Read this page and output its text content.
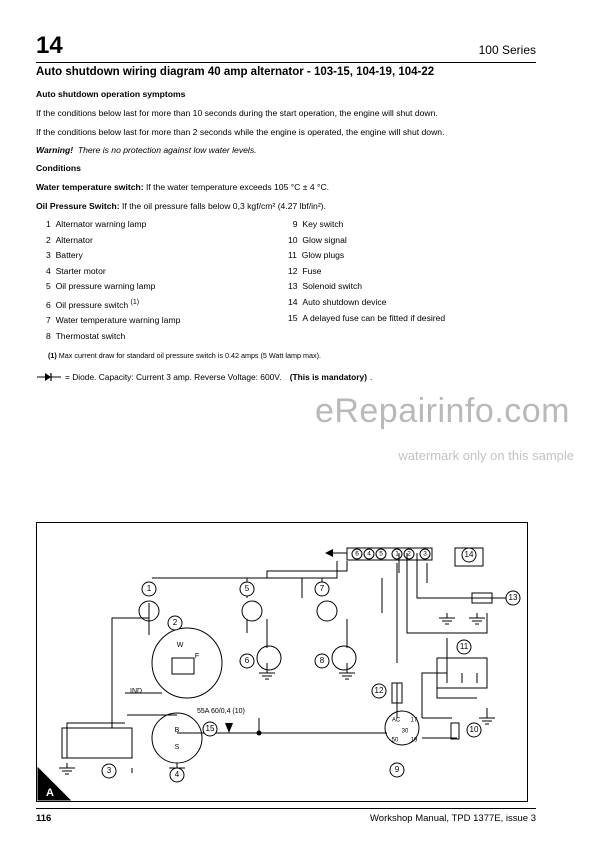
14	100 Series
Auto shutdown wiring diagram 40 amp alternator - 103-15, 104-19, 104-22
Auto shutdown operation symptoms
If the conditions below last for more than 10 seconds during the start operation, the engine will shut down.
If the conditions below last for more than 2 seconds while the engine is operated, the engine will shut down.
Warning! There is no protection against low water levels.
Conditions
Water temperature switch: If the water temperature exceeds 105 °C ± 4 °C.
Oil Pressure Switch: If the oil pressure falls below 0,3 kgf/cm² (4.27 lbf/in²).
1 Alternator warning lamp
2 Alternator
3 Battery
4 Starter motor
5 Oil pressure warning lamp
6 Oil pressure switch $^{(1)}$
7 Water temperature warning lamp
8 Thermostat switch
9 Key switch
10 Glow signal
11 Glow plugs
12 Fuse
13 Solenoid switch
14 Auto shutdown device
15 A delayed fuse can be fitted if desired
(1) Max current draw for standard oil pressure switch is 0.42 amps (5 Watt lamp max).
= Diode. Capacity: Current 3 amp. Reverse Voltage: 600V.
(This is mandatory) .
eRepairinfo.com
watermark only on this sample
1
2
3	4
5
6
7
8
9
10
11
12
13
14
15
6 4 5 1 2 3
W
F
B
S
AC 17
30
50 19
IND
55A 60/0,4 (10)
A
116	Workshop Manual, TPD 1377E, issue 3
